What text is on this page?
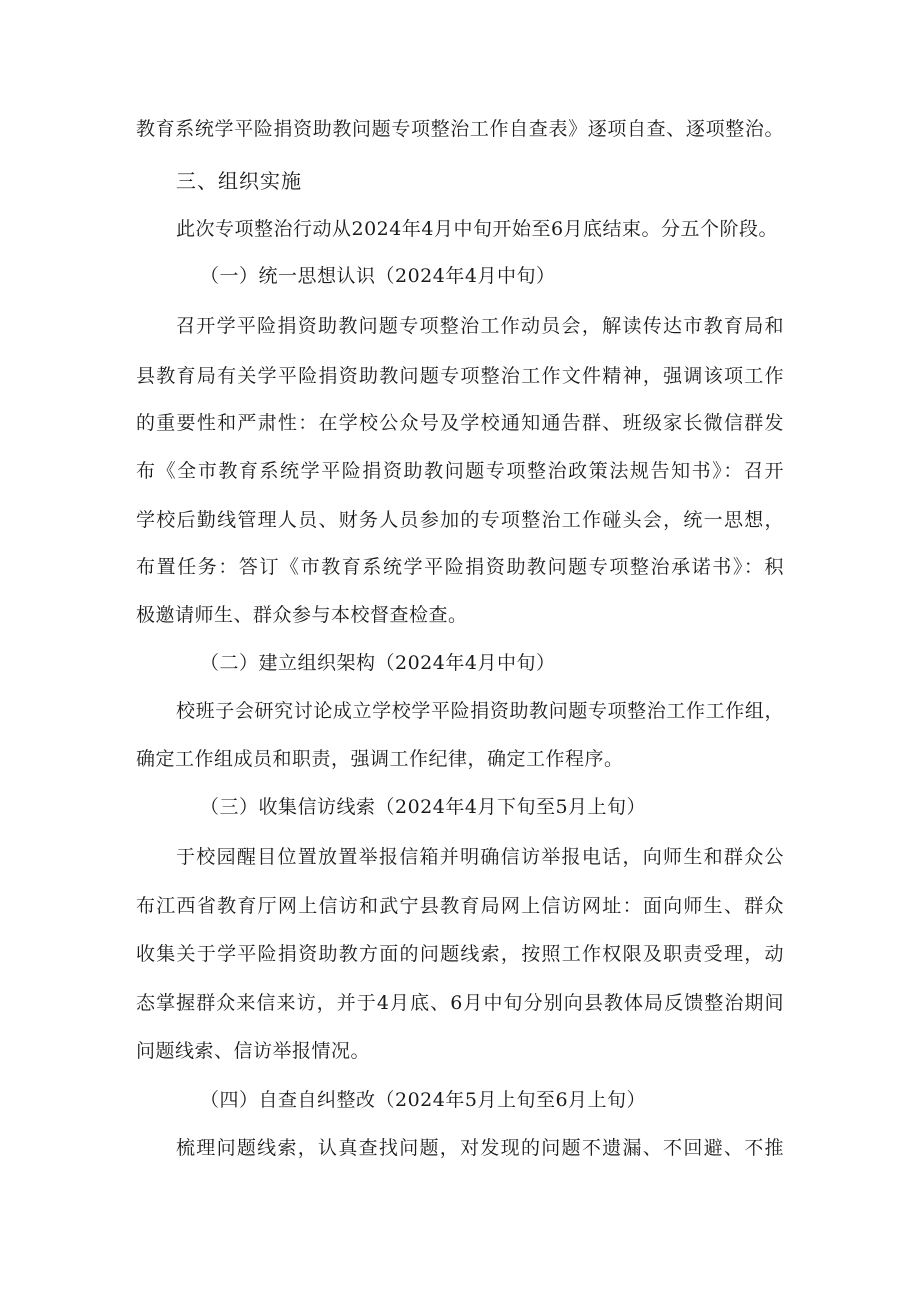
教育系统学平险捐资助教问题专项整治工作自查表》逐项自查、逐项整治。
三、组织实施
此次专项整治行动从2024年4月中旬开始至6月底结束。分五个阶段。
（一）统一思想认识（2024年4月中旬）
召开学平险捐资助教问题专项整治工作动员会，解读传达市教育局和
县教育局有关学平险捐资助教问题专项整治工作文件精神，强调该项工作
的重要性和严肃性：在学校公众号及学校通知通告群、班级家长微信群发
布《全市教育系统学平险捐资助教问题专项整治政策法规告知书》：召开
学校后勤线管理人员、财务人员参加的专项整治工作碰头会，统一思想，
布置任务：答订《市教育系统学平险捐资助教问题专项整治承诺书》：积
极邀请师生、群众参与本校督查检查。
（二）建立组织架构（2024年4月中旬）
校班子会研究讨论成立学校学平险捐资助教问题专项整治工作工作组，
确定工作组成员和职责，强调工作纪律，确定工作程序。
（三）收集信访线索（2024年4月下旬至5月上旬）
于校园醒目位置放置举报信箱并明确信访举报电话，向师生和群众公
布江西省教育厅网上信访和武宁县教育局网上信访网址：面向师生、群众
收集关于学平险捐资助教方面的问题线索，按照工作权限及职责受理，动
态掌握群众来信来访，并于4月底、6月中旬分别向县教体局反馈整治期间
问题线索、信访举报情况。
（四）自查自纠整改（2024年5月上旬至6月上旬）
梳理问题线索，认真查找问题，对发现的问题不遗漏、不回避、不推
